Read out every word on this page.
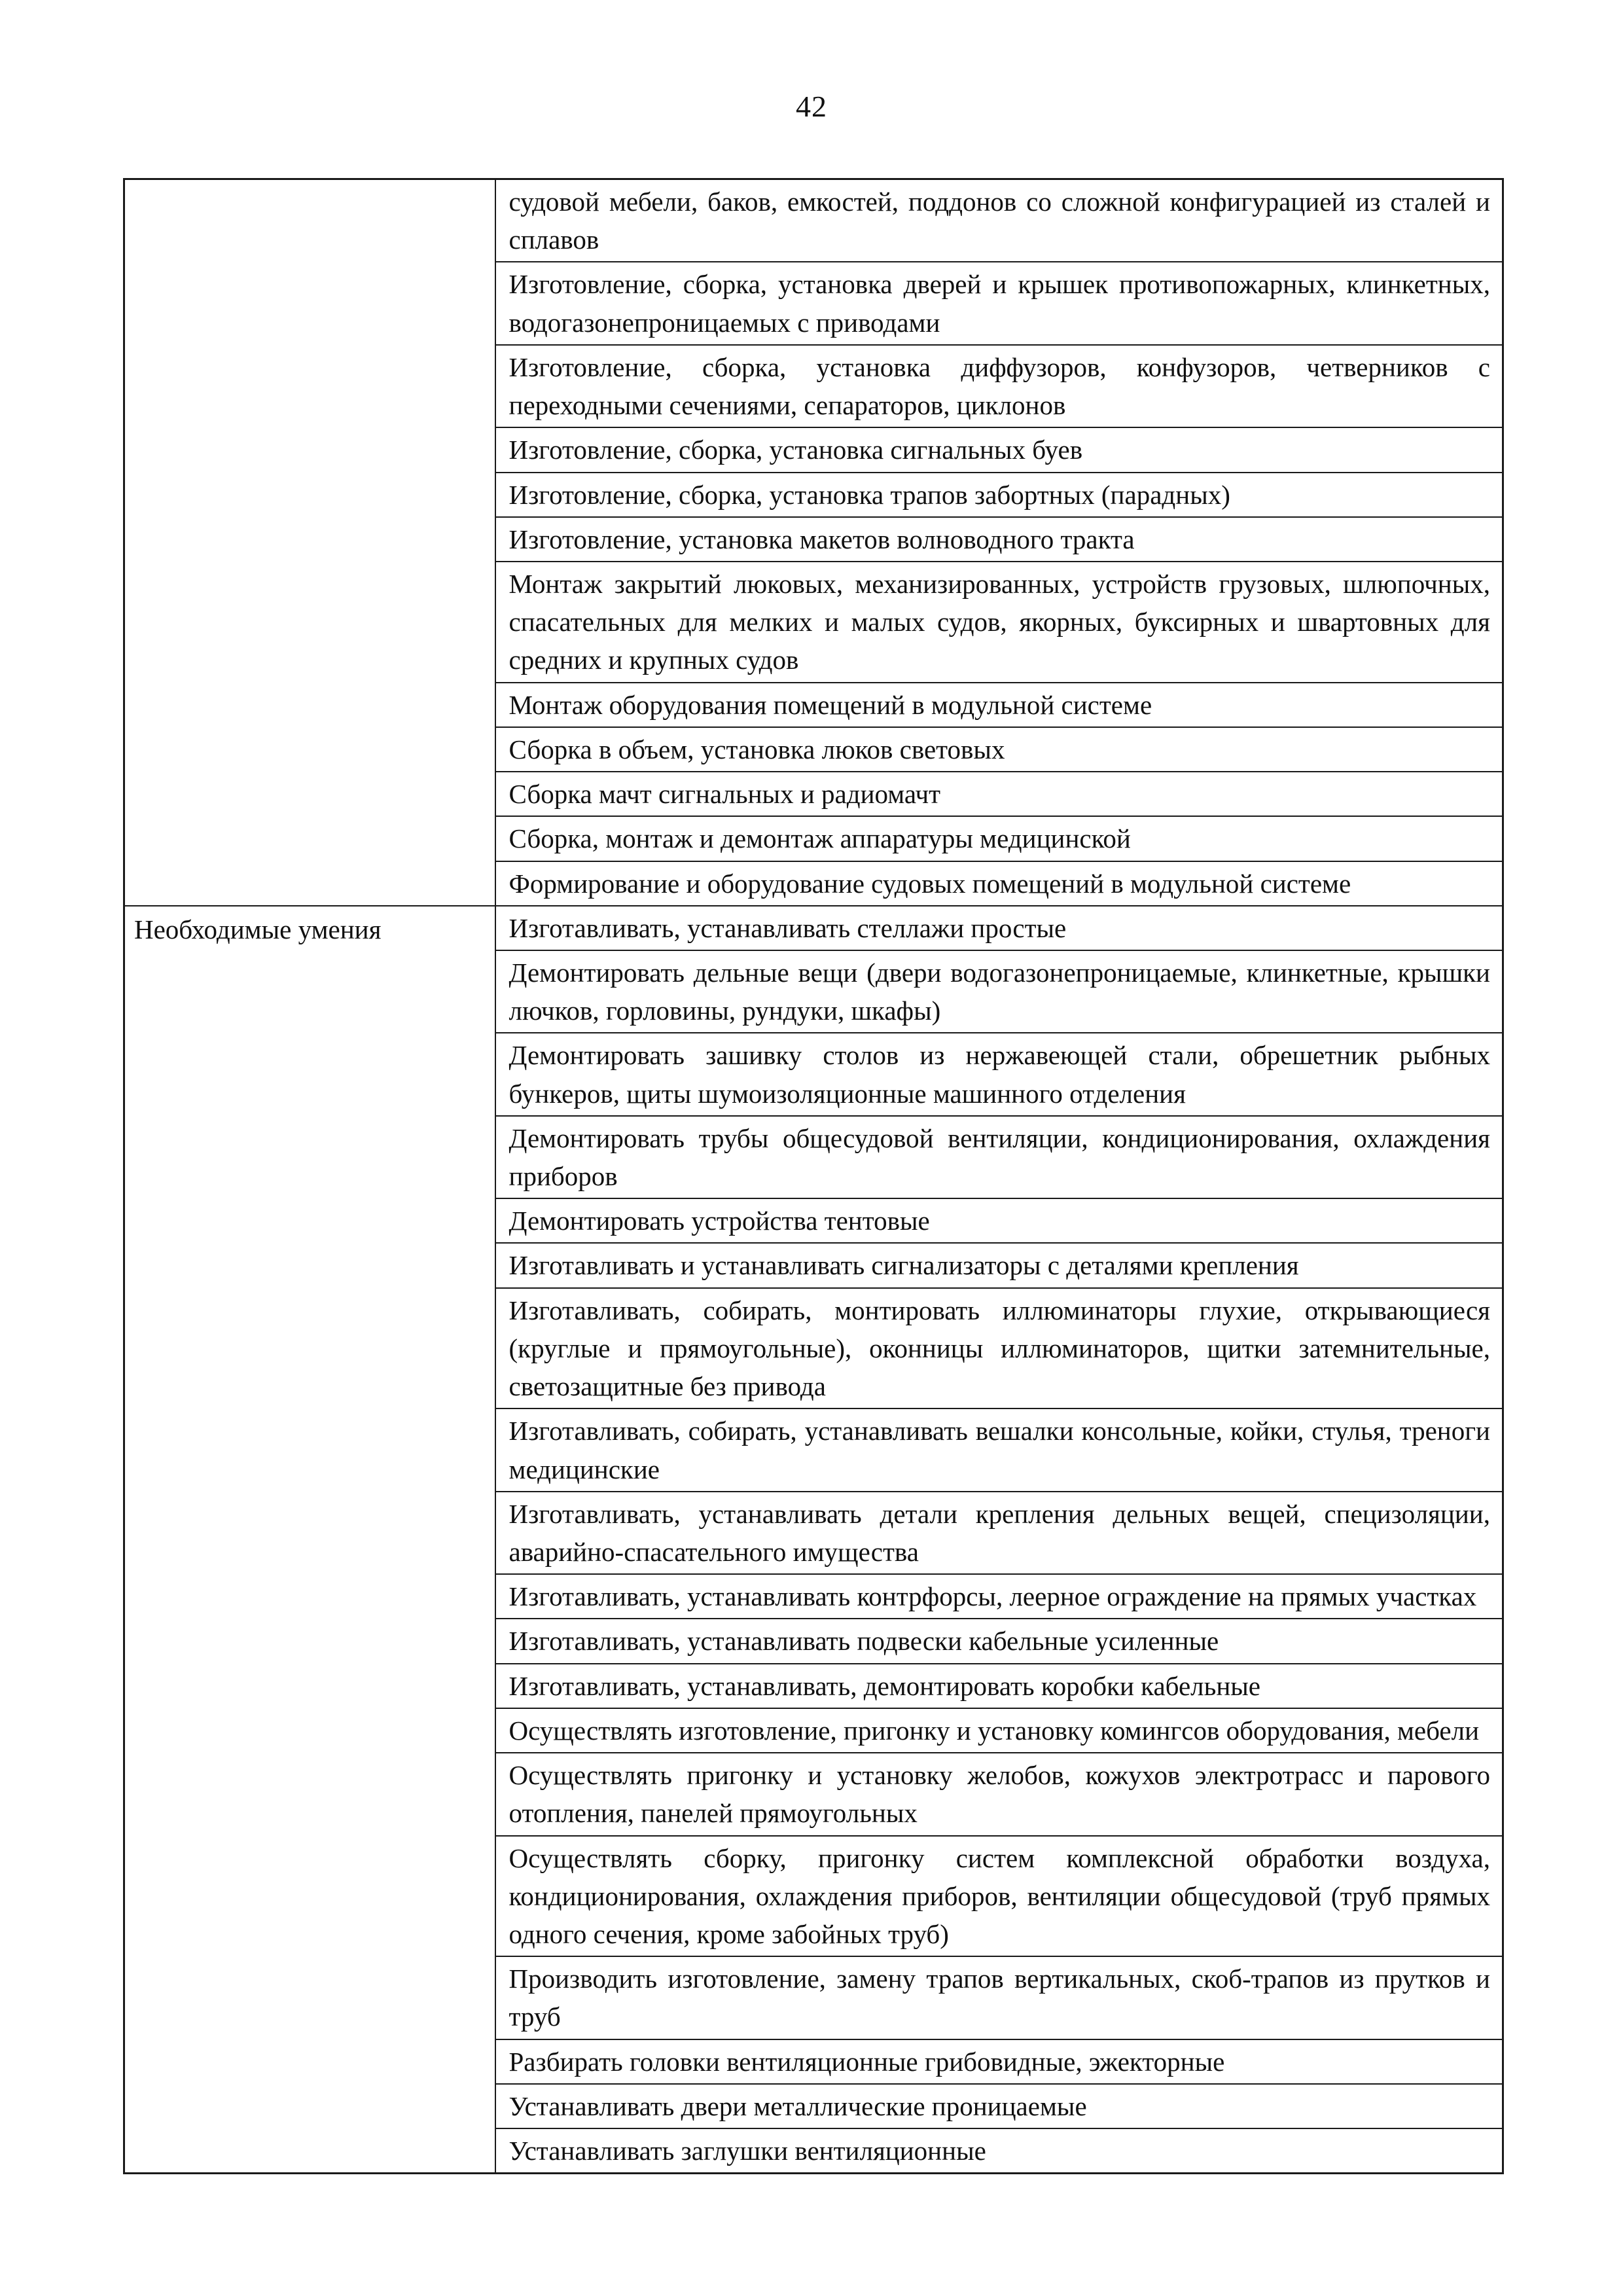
42
	судовой мебели, баков, емкостей, поддонов со сложной конфигурацией из сталей и сплавов
	Изготовление, сборка, установка дверей и крышек противопожарных, клинкетных, водогазонепроницаемых с приводами
	Изготовление, сборка, установка диффузоров, конфузоров, четверников с переходными сечениями, сепараторов, циклонов
	Изготовление, сборка, установка сигнальных буев
	Изготовление, сборка, установка трапов забортных (парадных)
	Изготовление, установка макетов волноводного тракта
	Монтаж закрытий люковых, механизированных, устройств грузовых, шлюпочных, спасательных для мелких и малых судов, якорных, буксирных и швартовных для средних и крупных судов
	Монтаж оборудования помещений в модульной системе
	Сборка в объем, установка люков световых
	Сборка мачт сигнальных и радиомачт
	Сборка, монтаж и демонтаж аппаратуры медицинской
	Формирование и оборудование судовых помещений в модульной системе
Необходимые умения	Изготавливать, устанавливать стеллажи простые
	Демонтировать дельные вещи (двери водогазонепроницаемые, клинкетные, крышки лючков, горловины, рундуки, шкафы)
	Демонтировать зашивку столов из нержавеющей стали, обрешетник рыбных бункеров, щиты шумоизоляционные машинного отделения
	Демонтировать трубы общесудовой вентиляции, кондиционирования, охлаждения приборов
	Демонтировать устройства тентовые
	Изготавливать и устанавливать сигнализаторы с деталями крепления
	Изготавливать, собирать, монтировать иллюминаторы глухие, открывающиеся (круглые и прямоугольные), оконницы иллюминаторов, щитки затемнительные, светозащитные без привода
	Изготавливать, собирать, устанавливать вешалки консольные, койки, стулья, треноги медицинские
	Изготавливать, устанавливать детали крепления дельных вещей, специзоляции, аварийно-спасательного имущества
	Изготавливать, устанавливать контрфорсы, леерное ограждение на прямых участках
	Изготавливать, устанавливать подвески кабельные усиленные
	Изготавливать, устанавливать, демонтировать коробки кабельные
	Осуществлять изготовление, пригонку и установку комингсов оборудования, мебели
	Осуществлять пригонку и установку желобов, кожухов электротрасс и парового отопления, панелей прямоугольных
	Осуществлять сборку, пригонку систем комплексной обработки воздуха, кондиционирования, охлаждения приборов, вентиляции общесудовой (труб прямых одного сечения, кроме забойных труб)
	Производить изготовление, замену трапов вертикальных, скоб-трапов из прутков и труб
	Разбирать головки вентиляционные грибовидные, эжекторные
	Устанавливать двери металлические проницаемые
	Устанавливать заглушки вентиляционные
